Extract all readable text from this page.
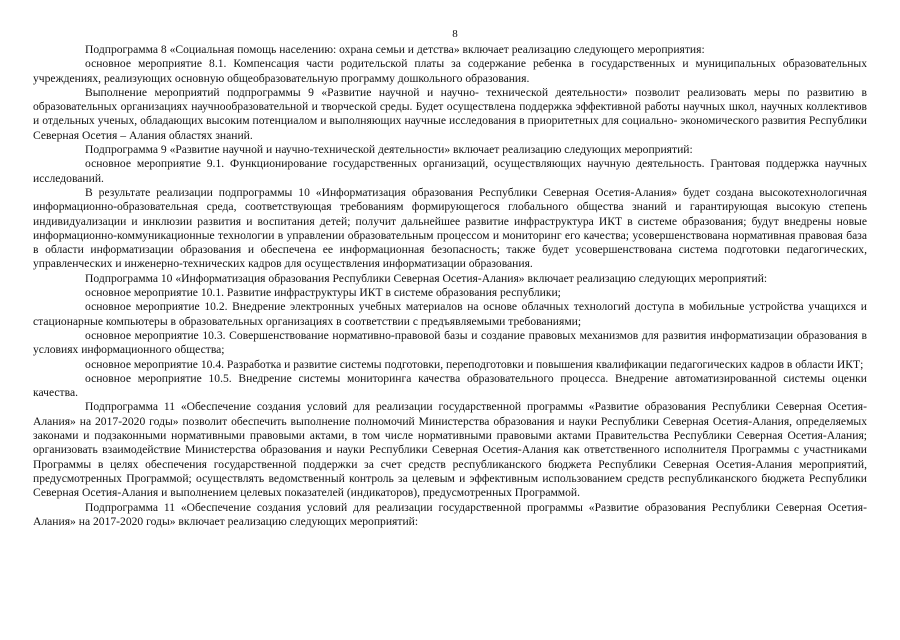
8

Подпрограмма 8 «Социальная помощь населению: охрана семьи и детства» включает реализацию следующего мероприятия:

основное мероприятие 8.1. Компенсация части родительской платы за содержание ребенка в государственных и муниципальных образовательных учреждениях, реализующих основную общеобразовательную программу дошкольного образования.

Выполнение мероприятий подпрограммы 9 «Развитие научной и научно- технической деятельности» позволит реализовать меры по развитию в образовательных организациях научнообразовательной и творческой среды. Будет осуществлена поддержка эффективной работы научных школ, научных коллективов и отдельных ученых, обладающих высоким потенциалом и выполняющих научные исследования в приоритетных для социально- экономического развития Республики Северная Осетия – Алания областях знаний.

Подпрограмма 9 «Развитие научной и научно-технической деятельности» включает реализацию следующих мероприятий:

основное мероприятие 9.1. Функционирование государственных организаций, осуществляющих научную деятельность. Грантовая поддержка научных исследований.

В результате реализации подпрограммы 10 «Информатизация образования Республики Северная Осетия-Алания» будет создана высокотехнологичная информационно-образовательная среда, соответствующая требованиям формирующегося глобального общества знаний и гарантирующая высокую степень индивидуализации и инклюзии развития и воспитания детей; получит дальнейшее развитие инфраструктура ИКТ в системе образования; будут внедрены новые информационно-коммуникационные технологии в управлении образовательным процессом и мониторинг его качества; усовершенствована нормативная правовая база в области информатизации образования и обеспечена ее информационная безопасность; также будет усовершенствована система подготовки педагогических, управленческих и инженерно-технических кадров для осуществления информатизации образования.

Подпрограмма 10 «Информатизация образования Республики Северная Осетия-Алания» включает реализацию следующих мероприятий:

основное мероприятие 10.1. Развитие инфраструктуры ИКТ в системе образования республики;

основное мероприятие 10.2. Внедрение электронных учебных материалов на основе облачных технологий доступа в мобильные устройства учащихся и стационарные компьютеры в образовательных организациях в соответствии с предъявляемыми требованиями;

основное мероприятие 10.3. Совершенствование нормативно-правовой базы и создание правовых механизмов для развития информатизации образования в условиях информационного общества;

основное мероприятие 10.4. Разработка и развитие системы подготовки, переподготовки и повышения квалификации педагогических кадров в области ИКТ;

основное мероприятие 10.5. Внедрение системы мониторинга качества образовательного процесса. Внедрение автоматизированной системы оценки качества.

Подпрограмма 11 «Обеспечение создания условий для реализации государственной программы «Развитие образования Республики Северная Осетия-Алания» на 2017-2020 годы» позволит обеспечить выполнение полномочий Министерства образования и науки Республики Северная Осетия-Алания, определяемых законами и подзаконными нормативными правовыми актами, в том числе нормативными правовыми актами Правительства Республики Северная Осетия-Алания; организовать взаимодействие Министерства образования и науки Республики Северная Осетия-Алания как ответственного исполнителя Программы с участниками Программы в целях обеспечения государственной поддержки за счет средств республиканского бюджета Республики Северная Осетия-Алания мероприятий, предусмотренных Программой; осуществлять ведомственный контроль за целевым и эффективным использованием средств республиканского бюджета Республики Северная Осетия-Алания и выполнением целевых показателей (индикаторов), предусмотренных Программой.

Подпрограмма 11 «Обеспечение создания условий для реализации государственной программы «Развитие образования Республики Северная Осетия-Алания» на 2017-2020 годы» включает реализацию следующих мероприятий:
